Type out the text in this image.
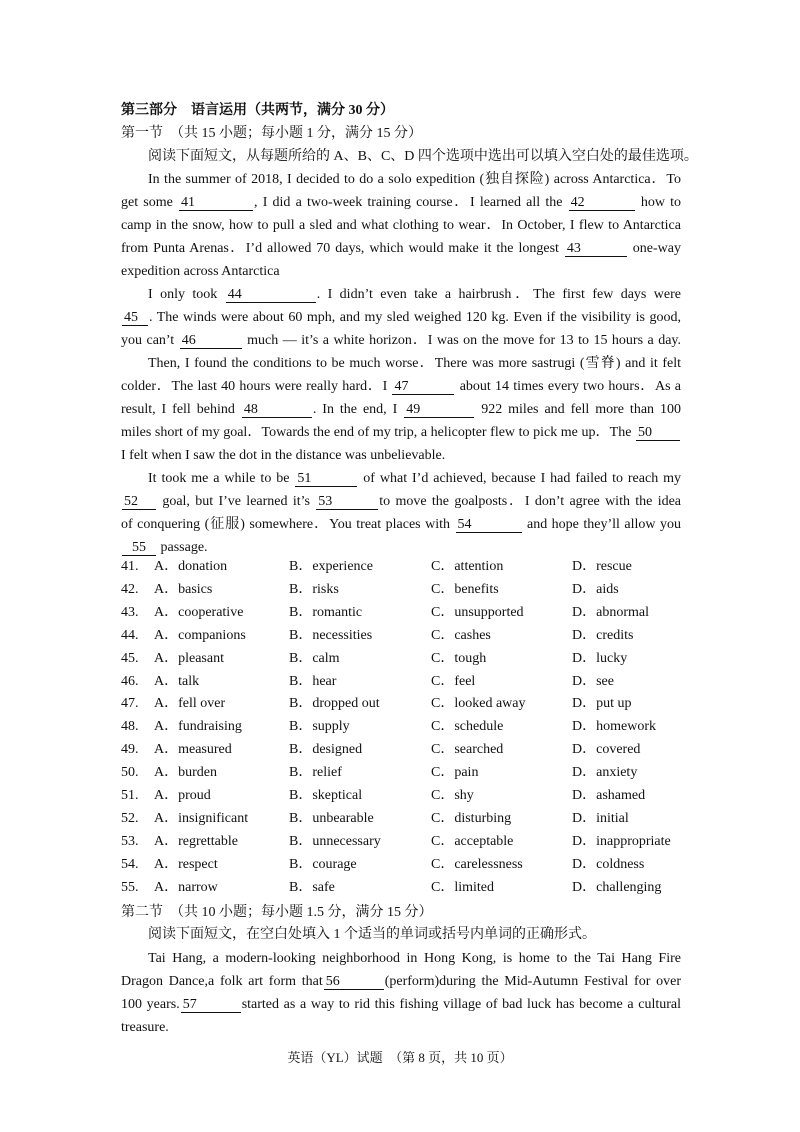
第三部分　语言运用（共两节，满分 30 分）
第一节　（共 15 小题；每小题 1 分，满分 15 分）
阅读下面短文，从每题所给的 A、B、C、D 四个选项中选出可以填入空白处的最佳选项。
In the summer of 2018, I decided to do a solo expedition (独自探险) across Antarctica．To
get some 41	, I did a two-week training course．I learned all the 42	how to
camp in the snow, how to pull a sled and what clothing to wear．In October, I flew to Antarctica
from Punta Arenas．I’d allowed 70 days, which would make it the longest 43	one-way
expedition across Antarctica
I only took 44	. I didn’t even take a hairbrush．The first few days were
45 . The winds were about 60 mph, and my sled weighed 120 kg. Even if the visibility is good,
you can’t 46	much — it’s a white horizon．I was on the move for 13 to 15 hours a day.
Then, I found the conditions to be much worse．There was more sastrugi (雪脊) and it felt
colder．The last 40 hours were really hard．I 47	about 14 times every two hours．As a
result, I fell behind 48	. In the end, I 49	922 miles and fell more than 100
miles short of my goal．Towards the end of my trip, a helicopter flew to pick me up．The 50
I felt when I saw the dot in the distance was unbelievable.
It took me a while to be 51	of what I’d achieved, because I had failed to reach my
52 goal, but I’ve learned it’s 53	to move the goalposts．I don’t agree with the idea
of conquering (征服) somewhere．You treat places with 54	and hope they’ll allow you
55 passage.
41. A．donation	B．experience	C．attention	D．rescue
42. A．basics	B．risks	C．benefits	D．aids
43. A．cooperative	B．romantic	C．unsupported	D．abnormal
44. A．companions	B．necessities	C．cashes	D．credits
45. A．pleasant	B．calm	C．tough	D．lucky
46. A．talk	B．hear	C．feel	D．see
47. A．fell over	B．dropped out	C．looked away	D．put up
48. A．fundraising	B．supply	C．schedule	D．homework
49. A．measured	B．designed	C．searched	D．covered
50. A．burden	B．relief	C．pain	D．anxiety
51. A．proud	B．skeptical	C．shy	D．ashamed
52. A．insignificant	B．unbearable	C．disturbing	D．initial
53. A．regrettable	B．unnecessary	C．acceptable	D．inappropriate
54. A．respect	B．courage	C．carelessness	D．coldness
55. A．narrow	B．safe	C．limited	D．challenging
第二节　（共 10 小题；每小题 1.5 分，满分 15 分）
阅读下面短文，在空白处填入 1 个适当的单词或括号内单词的正确形式。
Tai Hang, a modern-looking neighborhood in Hong Kong, is home to the Tai Hang Fire
Dragon Dance,a folk art form that 56	(perform)during the Mid-Autumn Festival for over
100 years. 57	started as a way to rid this fishing village of bad luck has become a cultural
treasure.
英语（YL）试题　（第 8 页，共 10 页）
